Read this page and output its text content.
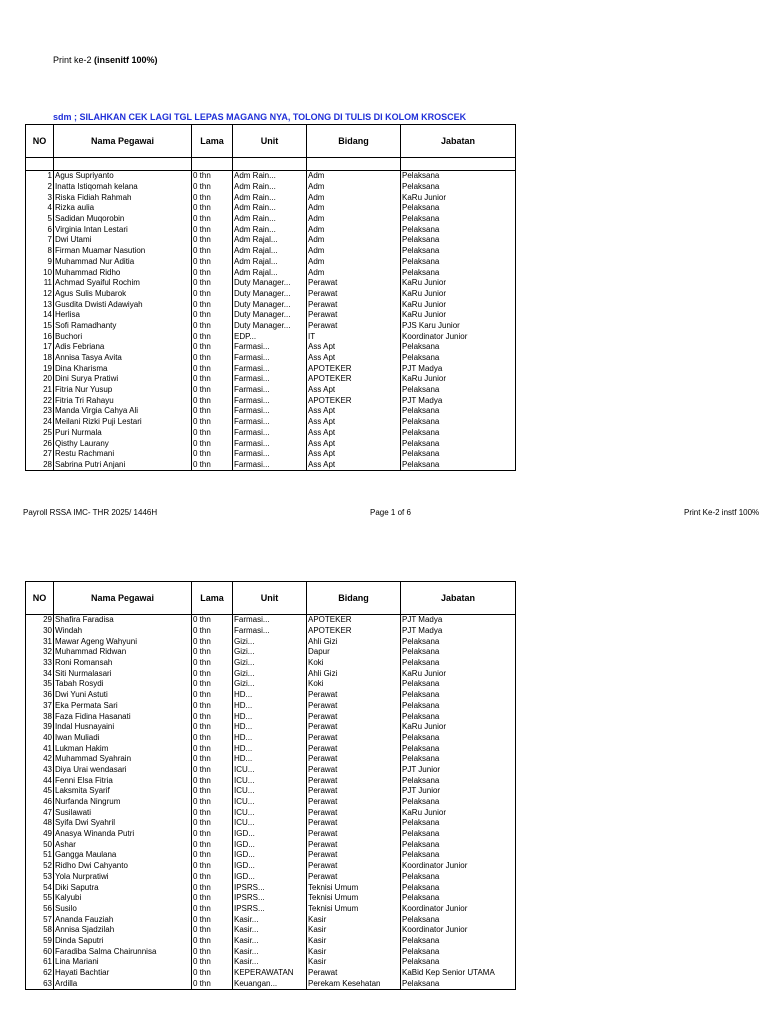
Print ke-2 (insenitf 100%)
sdm ; SILAHKAN CEK LAGI TGL LEPAS MAGANG NYA, TOLONG DI TULIS DI KOLOM KROSCEK
NO	Nama Pegawai	Lama	Unit	Bidang	Jabatan

1	Agus Supriyanto	0 thn	Adm Rain...	Adm	Pelaksana
2	Inatta Istiqomah kelana	0 thn	Adm Rain...	Adm	Pelaksana
3	Riska Fidiah Rahmah	0 thn	Adm Rain...	Adm	KaRu Junior
4	Rizka aulia	0 thn	Adm Rain...	Adm	Pelaksana
5	Sadidan Muqorobin	0 thn	Adm Rain...	Adm	Pelaksana
6	Virginia Intan Lestari	0 thn	Adm Rain...	Adm	Pelaksana
7	Dwi Utami	0 thn	Adm Rajal...	Adm	Pelaksana
8	Firman Muamar Nasution	0 thn	Adm Rajal...	Adm	Pelaksana
9	Muhammad Nur Aditia	0 thn	Adm Rajal...	Adm	Pelaksana
10	Muhammad Ridho	0 thn	Adm Rajal...	Adm	Pelaksana
11	Achmad Syaiful Rochim	0 thn	Duty Manager...	Perawat	KaRu Junior
12	Agus Sulis Mubarok	0 thn	Duty Manager...	Perawat	KaRu Junior
13	Gusdita Dwisti Adawiyah	0 thn	Duty Manager...	Perawat	KaRu Junior
14	Herlisa	0 thn	Duty Manager...	Perawat	KaRu Junior
15	Sofi Ramadhanty	0 thn	Duty Manager...	Perawat	PJS Karu Junior
16	Buchori	0 thn	EDP...	IT	Koordinator Junior
17	Adis Febriana	0 thn	Farmasi...	Ass Apt	Pelaksana
18	Annisa Tasya Avita	0 thn	Farmasi...	Ass Apt	Pelaksana
19	Dina Kharisma	0 thn	Farmasi...	APOTEKER	PJT Madya
20	Dini Surya Pratiwi	0 thn	Farmasi...	APOTEKER	KaRu Junior
21	Fitria Nur Yusup	0 thn	Farmasi...	Ass Apt	Pelaksana
22	Fitria Tri Rahayu	0 thn	Farmasi...	APOTEKER	PJT Madya
23	Manda Virgia Cahya Ali	0 thn	Farmasi...	Ass Apt	Pelaksana
24	Meilani Rizki Puji Lestari	0 thn	Farmasi...	Ass Apt	Pelaksana
25	Puri Nurmala	0 thn	Farmasi...	Ass Apt	Pelaksana
26	Qisthy Laurany	0 thn	Farmasi...	Ass Apt	Pelaksana
27	Restu Rachmani	0 thn	Farmasi...	Ass Apt	Pelaksana
28	Sabrina Putri Anjani	0 thn	Farmasi...	Ass Apt	Pelaksana
Payroll RSSA IMC- THR 2025/ 1446H	Page 1 of 6	Print Ke-2 instf 100%
NO	Nama Pegawai	Lama	Unit	Bidang	Jabatan
29	Shafira Faradisa	0 thn	Farmasi...	APOTEKER	PJT Madya
30	Windah	0 thn	Farmasi...	APOTEKER	PJT Madya
31	Mawar Ageng Wahyuni	0 thn	Gizi...	Ahli Gizi	Pelaksana
32	Muhammad Ridwan	0 thn	Gizi...	Dapur	Pelaksana
33	Roni Romansah	0 thn	Gizi...	Koki	Pelaksana
34	Siti Nurmalasari	0 thn	Gizi...	Ahli Gizi	KaRu Junior
35	Tabah Rosydi	0 thn	Gizi...	Koki	Pelaksana
36	Dwi Yuni Astuti	0 thn	HD...	Perawat	Pelaksana
37	Eka Permata Sari	0 thn	HD...	Perawat	Pelaksana
38	Faza Fidina Hasanati	0 thn	HD...	Perawat	Pelaksana
39	Indal Husnayaini	0 thn	HD...	Perawat	KaRu Junior
40	Iwan Muliadi	0 thn	HD...	Perawat	Pelaksana
41	Lukman Hakim	0 thn	HD...	Perawat	Pelaksana
42	Muhammad Syahrain	0 thn	HD...	Perawat	Pelaksana
43	Diya Urai wendasari	0 thn	ICU...	Perawat	PJT Junior
44	Fenni Elsa Fitria	0 thn	ICU...	Perawat	Pelaksana
45	Laksmita Syarif	0 thn	ICU...	Perawat	PJT Junior
46	Nurfanda Ningrum	0 thn	ICU...	Perawat	Pelaksana
47	Susilawati	0 thn	ICU...	Perawat	KaRu Junior
48	Syifa Dwi Syahril	0 thn	ICU...	Perawat	Pelaksana
49	Anasya Winanda Putri	0 thn	IGD...	Perawat	Pelaksana
50	Ashar	0 thn	IGD...	Perawat	Pelaksana
51	Gangga Maulana	0 thn	IGD...	Perawat	Pelaksana
52	Ridho Dwi Cahyanto	0 thn	IGD...	Perawat	Koordinator Junior
53	Yola Nurpratiwi	0 thn	IGD...	Perawat	Pelaksana
54	Diki Saputra	0 thn	IPSRS...	Teknisi Umum	Pelaksana
55	Kalyubi	0 thn	IPSRS...	Teknisi Umum	Pelaksana
56	Susilo	0 thn	IPSRS...	Teknisi Umum	Koordinator Junior
57	Ananda Fauziah	0 thn	Kasir...	Kasir	Pelaksana
58	Annisa Sjadzilah	0 thn	Kasir...	Kasir	Koordinator Junior
59	Dinda Saputri	0 thn	Kasir...	Kasir	Pelaksana
60	Faradiba Salma Chairunnisa	0 thn	Kasir...	Kasir	Pelaksana
61	Lina Mariani	0 thn	Kasir...	Kasir	Pelaksana
62	Hayati Bachtiar	0 thn	KEPERAWATAN	Perawat	KaBid Kep Senior UTAMA
63	Ardilla	0 thn	Keuangan...	Perekam Kesehatan	Pelaksana
